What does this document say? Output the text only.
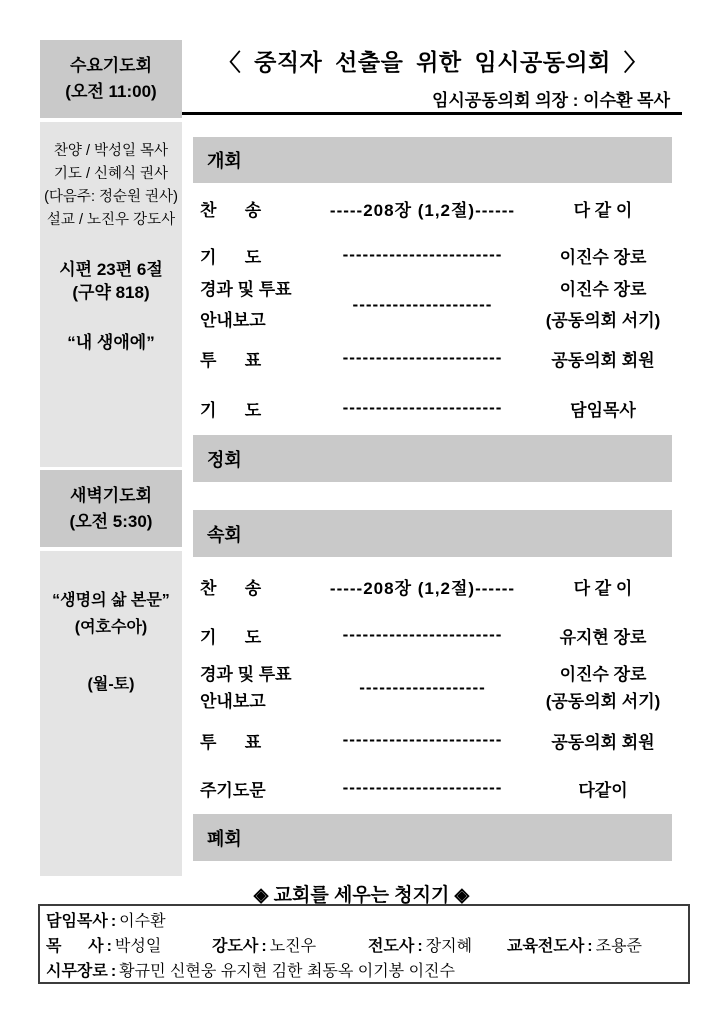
수요기도회
(오전 11:00)
찬양 / 박성일 목사
기도 / 신혜식 권사
(다음주: 정순원 권사)
설교 / 노진우 강도사
시편 23편 6절
(구약 818)
“내 생애에”
새벽기도회
(오전 5:30)
“생명의 삶 본문”
(여호수아)
(월-토)
〈 중직자 선출을 위한 임시공동의회 〉
임시공동의회 의장 : 이수환 목사
개회
찬      송	-----208장 (1,2절)------	다 같 이
기      도	------------------------	이진수 장로
경과 및 투표
안내보고
---------------------
이진수 장로
(공동의회 서기)
투      표	------------------------	공동의회 회원
기      도	------------------------	담임목사
정회
속회
찬      송	-----208장 (1,2절)------	다 같 이
기      도	------------------------	유지현 장로
경과 및 투표
안내보고
-------------------
이진수 장로
(공동의회 서기)
투      표	------------------------	공동의회 회원
주기도문	------------------------	다같이
폐회
◈ 교회를 세우는 청지기 ◈
담임목사 : 이수환
목      사 : 박성일	강도사 : 노진우	전도사 : 장지혜 교육전도사 : 조용준
시무장로 : 황규민 신현웅 유지현 김한 최동옥 이기봉 이진수
